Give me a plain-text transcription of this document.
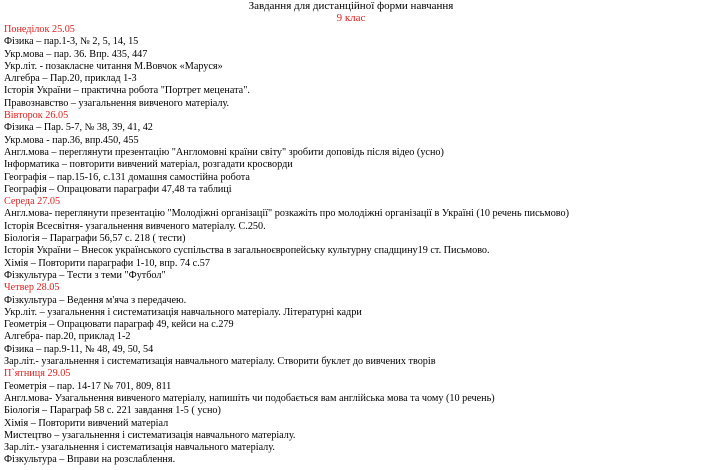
Завдання для дистанційної форми навчання
9 клас
Понеділок 25.05
Фізика – пар.1-3, № 2, 5, 14, 15
Укр.мова – пар. 36. Впр. 435, 447
Укр.літ. - позакласне читання М.Вовчок «Маруся»
Алгебра – Пар.20, приклад 1-3
Історія України – практична робота "Портрет мецената".
Правознавство – узагальнення вивченого матеріалу.
Вівторок 26.05
Фізика – Пар. 5-7, № 38, 39, 41, 42
Укр.мова - пар.36, впр.450, 455
Англ.мова – переглянути презентацію "Англомовні країни світу" зробити доповідь після відео (усно)
Інформатика – повторити вивчений матеріал, розгадати кросворди
Географія – пар.15-16, с.131 домашня самостійна робота
Географія – Опрацювати параграфи 47,48 та таблиці
Середа 27.05
Англ.мова- переглянути презентацію "Молодіжні організації" розкажіть про молодіжні організації в Україні (10 речень письмово)
Історія Всесвітня- узагальнення вивченого матеріалу. С.250.
Біологія – Параграфи 56,57 с. 218 ( тести)
Історія України – Внесок українського суспільства в загальноєвропейську культурну спадщину19 ст. Письмово.
Хімія – Повторити параграфи 1-10, впр. 74 с.57
Фізкультура – Тести з теми "Футбол"
Четвер 28.05
Фізкультура – Ведення м'яча з передачею.
Укр.літ. – узагальнення і систематизація навчального матеріалу. Літературні кадри
Геометрія – Опрацювати параграф 49, кейси на с.279
Алгебра- пар.20, приклад 1-2
Фізика – пар.9-11, № 48, 49, 50, 54
Зар.літ.- узагальнення і систематизація навчального матеріалу. Створити буклет до вивчених творів
П`ятниця 29.05
Геометрія – пар. 14-17 № 701, 809, 811
Англ.мова- Узагальнення вивченого матеріалу, напишіть чи подобається вам англійська мова та чому (10 речень)
Біологія – Параграф 58 с. 221 завдання 1-5 ( усно)
Хімія – Повторити вивчений матеріал
Мистецтво – узагальнення і систематизація навчального матеріалу.
Зар.літ.- узагальнення і систематизація навчального матеріалу.
Фізкультура – Вправи на розслаблення.
